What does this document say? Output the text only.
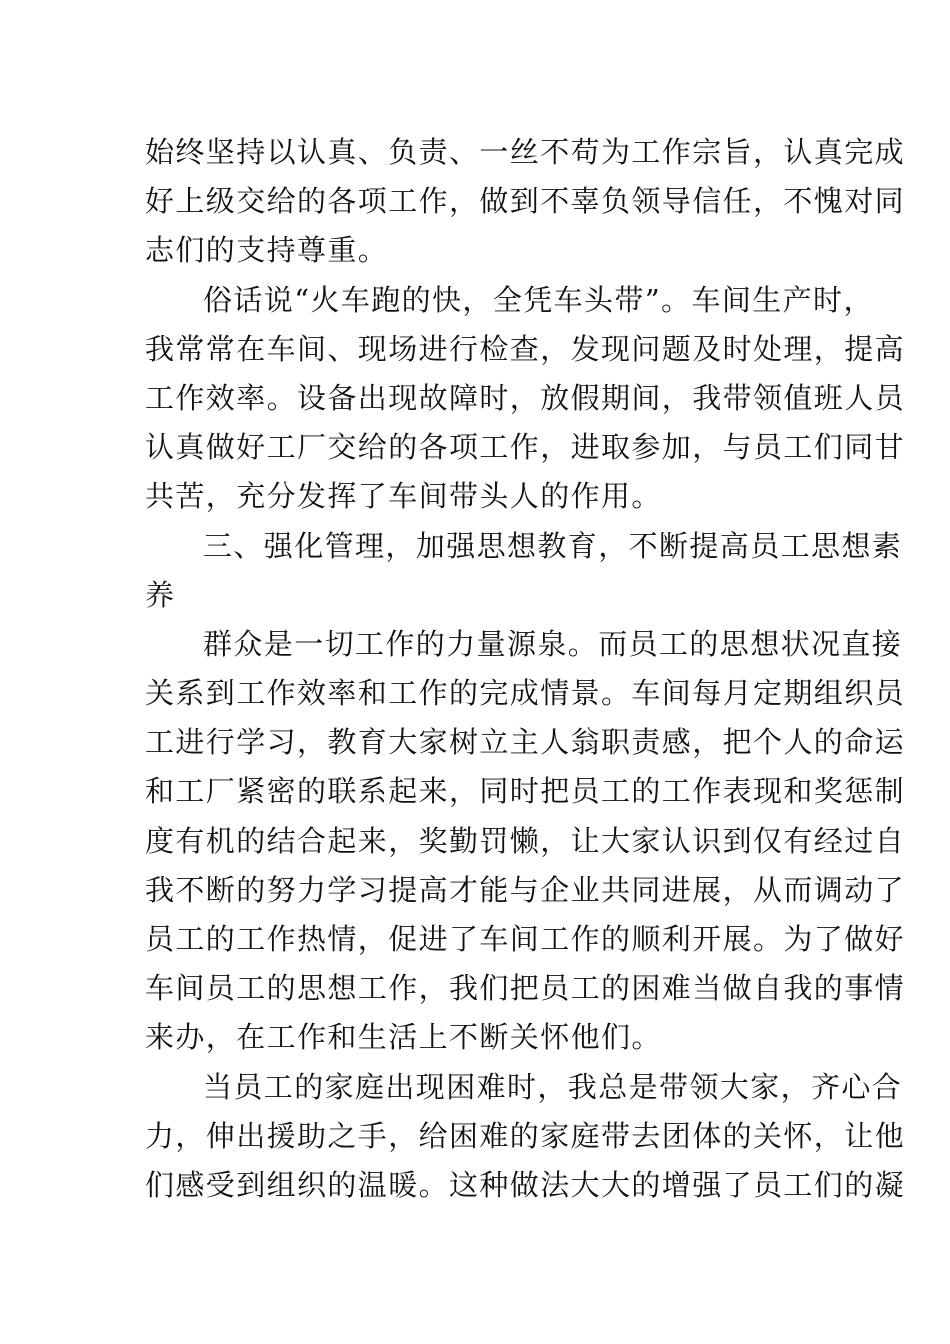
始终坚持以认真、负责、一丝不苟为工作宗旨，认真完成
好上级交给的各项工作，做到不辜负领导信任，不愧对同
志们的支持尊重。
俗话说“火车跑的快，全凭车头带”。车间生产时，
我常常在车间、现场进行检查，发现问题及时处理，提高
工作效率。设备出现故障时，放假期间，我带领值班人员
认真做好工厂交给的各项工作，进取参加，与员工们同甘
共苦，充分发挥了车间带头人的作用。
三、强化管理，加强思想教育，不断提高员工思想素
养
群众是一切工作的力量源泉。而员工的思想状况直接
关系到工作效率和工作的完成情景。车间每月定期组织员
工进行学习，教育大家树立主人翁职责感，把个人的命运
和工厂紧密的联系起来，同时把员工的工作表现和奖惩制
度有机的结合起来，奖勤罚懒，让大家认识到仅有经过自
我不断的努力学习提高才能与企业共同进展，从而调动了
员工的工作热情，促进了车间工作的顺利开展。为了做好
车间员工的思想工作，我们把员工的困难当做自我的事情
来办，在工作和生活上不断关怀他们。
当员工的家庭出现困难时，我总是带领大家，齐心合
力，伸出援助之手，给困难的家庭带去团体的关怀，让他
们感受到组织的温暖。这种做法大大的增强了员工们的凝
